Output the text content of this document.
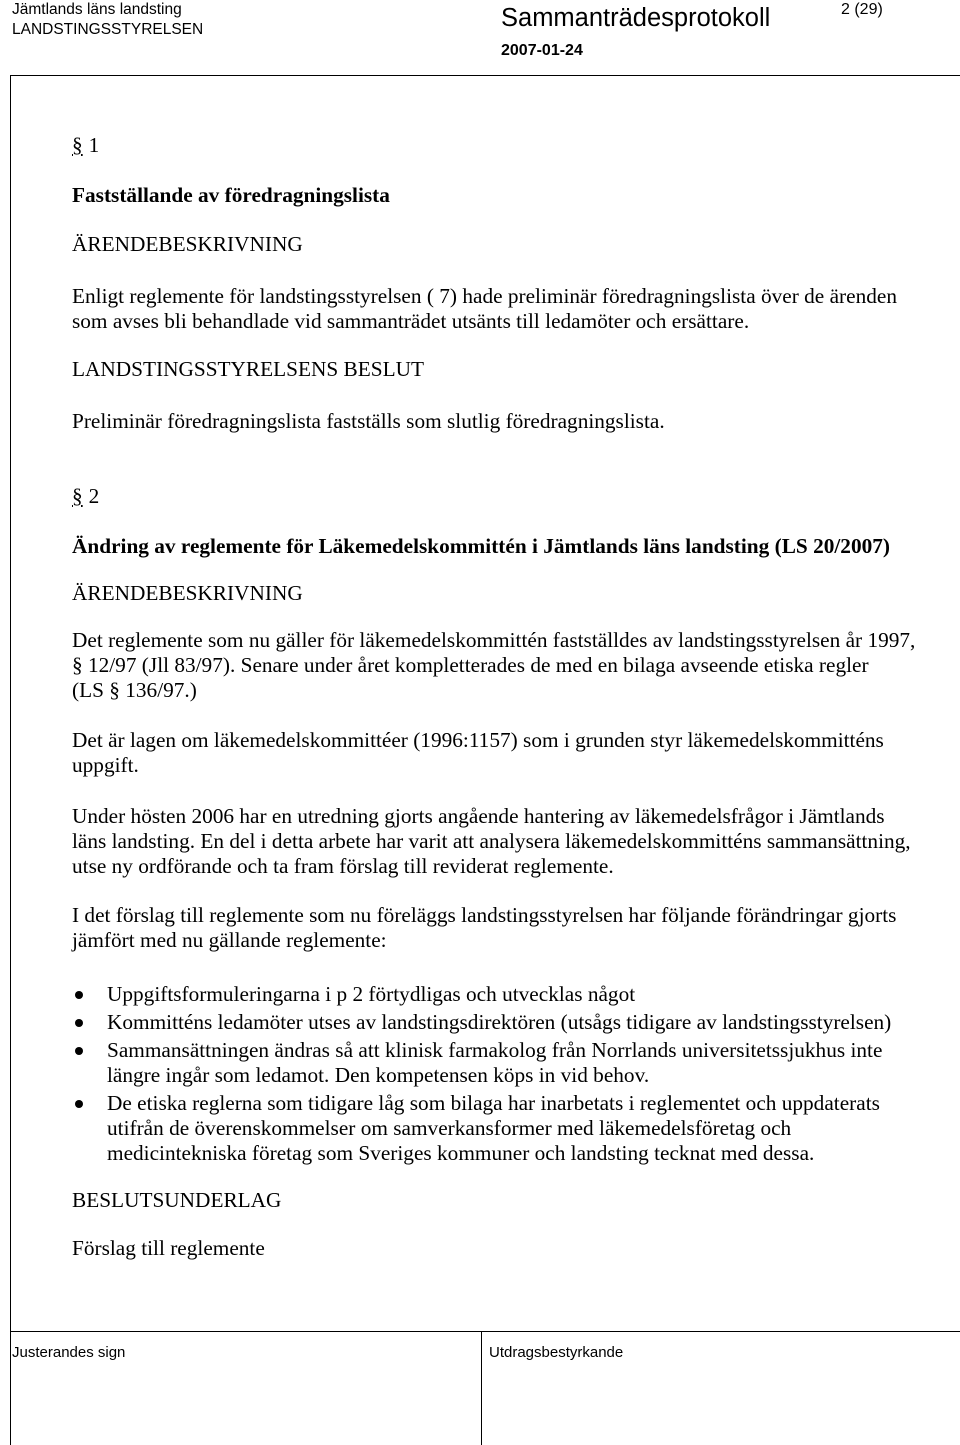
Jämtlands läns landsting
LANDSTINGSSTYRELSEN	Sammanträdesprotokoll
2007-01-24
2 (29)
§ 1
Fastställande av föredragningslista
ÄRENDEBESKRIVNING
Enligt reglemente för landstingsstyrelsen ( 7) hade preliminär föredragningslista över de ärenden
som avses bli behandlade vid sammanträdet utsänts till ledamöter och ersättare.
LANDSTINGSSTYRELSENS BESLUT
Preliminär föredragningslista fastställs som slutlig föredragningslista.
§ 2
Ändring av reglemente för Läkemedelskommittén i Jämtlands läns landsting (LS 20/2007)
ÄRENDEBESKRIVNING
Det reglemente som nu gäller för läkemedelskommittén fastställdes av landstingsstyrelsen år 1997,
§ 12/97 (Jll 83/97). Senare under året kompletterades de med en bilaga avseende etiska regler
(LS § 136/97.)
Det är lagen om läkemedelskommittéer (1996:1157) som i grunden styr läkemedelskommitténs
uppgift.
Under hösten 2006 har en utredning gjorts angående hantering av läkemedelsfrågor i Jämtlands
läns landsting. En del i detta arbete har varit att analysera läkemedelskommitténs sammansättning,
utse ny ordförande och ta fram förslag till reviderat reglemente.
I det förslag till reglemente som nu föreläggs landstingsstyrelsen har följande förändringar gjorts
jämfört med nu gällande reglemente:
Uppgiftsformuleringarna i p 2 förtydligas och utvecklas något
Kommitténs ledamöter utses av landstingsdirektören (utsågs tidigare av landstingsstyrelsen)
Sammansättningen ändras så att klinisk farmakolog från Norrlands universitetssjukhus inte
längre ingår som ledamot. Den kompetensen köps in vid behov.
De etiska reglerna som tidigare låg som bilaga har inarbetats i reglementet och uppdaterats
utifrån de överenskommelser om samverkansformer med läkemedelsföretag och
medicintekniska företag som Sveriges kommuner och landsting tecknat med dessa.
BESLUTSUNDERLAG
Förslag till reglemente
Justerandes sign	Utdragsbestyrkande
